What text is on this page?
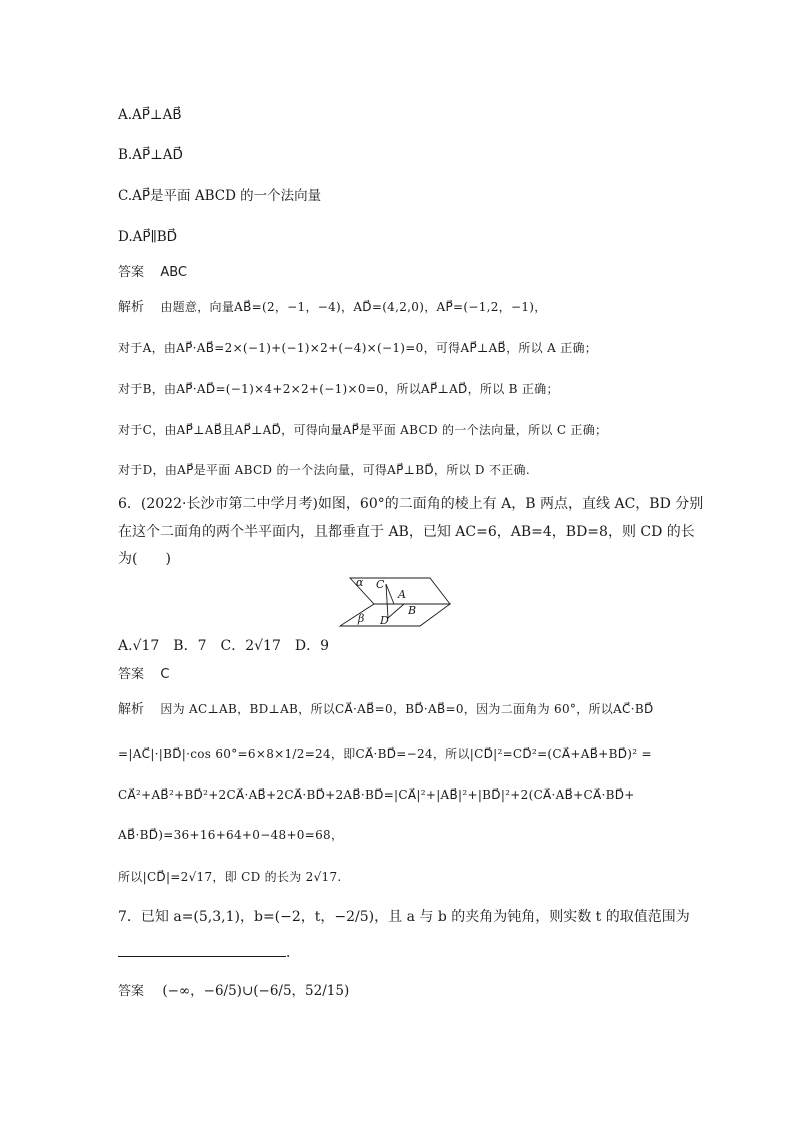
A.AP⃗⊥AB⃗
B.AP⃗⊥AD⃗
C.AP⃗是平面 ABCD 的一个法向量
D.AP⃗∥BD⃗
答案 ABC
解析 由题意，向量AB⃗=(2，−1，−4)，AD⃗=(4,2,0)，AP⃗=(−1,2，−1)，
对于A，由AP⃗·AB⃗=2×(−1)+(−1)×2+(−4)×(−1)=0，可得AP⃗⊥AB⃗，所以 A 正确；
对于B，由AP⃗·AD⃗=(−1)×4+2×2+(−1)×0=0，所以AP⃗⊥AD⃗，所以 B 正确；
对于C，由AP⃗⊥AB⃗且AP⃗⊥AD⃗，可得向量AP⃗是平面 ABCD 的一个法向量，所以 C 正确；
对于D，由AP⃗是平面 ABCD 的一个法向量，可得AP⃗⊥BD⃗，所以 D 不正确.
6．(2022·长沙市第二中学月考)如图，60°的二面角的棱上有 A，B 两点，直线 AC，BD 分别
在这个二面角的两个半平面内，且都垂直于 AB，已知 AC=6，AB=4，BD=8，则 CD 的长
为(　　)
α C
A
B
β D
A.√17　B．7　C．2√17　D．9
答案 C
解析 因为 AC⊥AB，BD⊥AB，所以CA⃗·AB⃗=0，BD⃗·AB⃗=0，因为二面角为 60°，所以AC⃗·BD⃗
=|AC⃗|·|BD⃗|·cos 60°=6×8×1/2=24，即CA⃗·BD⃗=−24，所以|CD⃗|²=CD⃗²=(CA⃗+AB⃗+BD⃗)² =
CA⃗²+AB⃗²+BD⃗²+2CA⃗·AB⃗+2CA⃗·BD⃗+2AB⃗·BD⃗=|CA⃗|²+|AB⃗|²+|BD⃗|²+2(CA⃗·AB⃗+CA⃗·BD⃗+
AB⃗·BD⃗)=36+16+64+0−48+0=68，
所以|CD⃗|=2√17，即 CD 的长为 2√17.
7．已知 a=(5,3,1)，b=(−2，t，−2/5)，且 a 与 b 的夹角为钝角，则实数 t 的取值范围为
.
答案 (−∞，−6/5)∪(−6/5，52/15)
